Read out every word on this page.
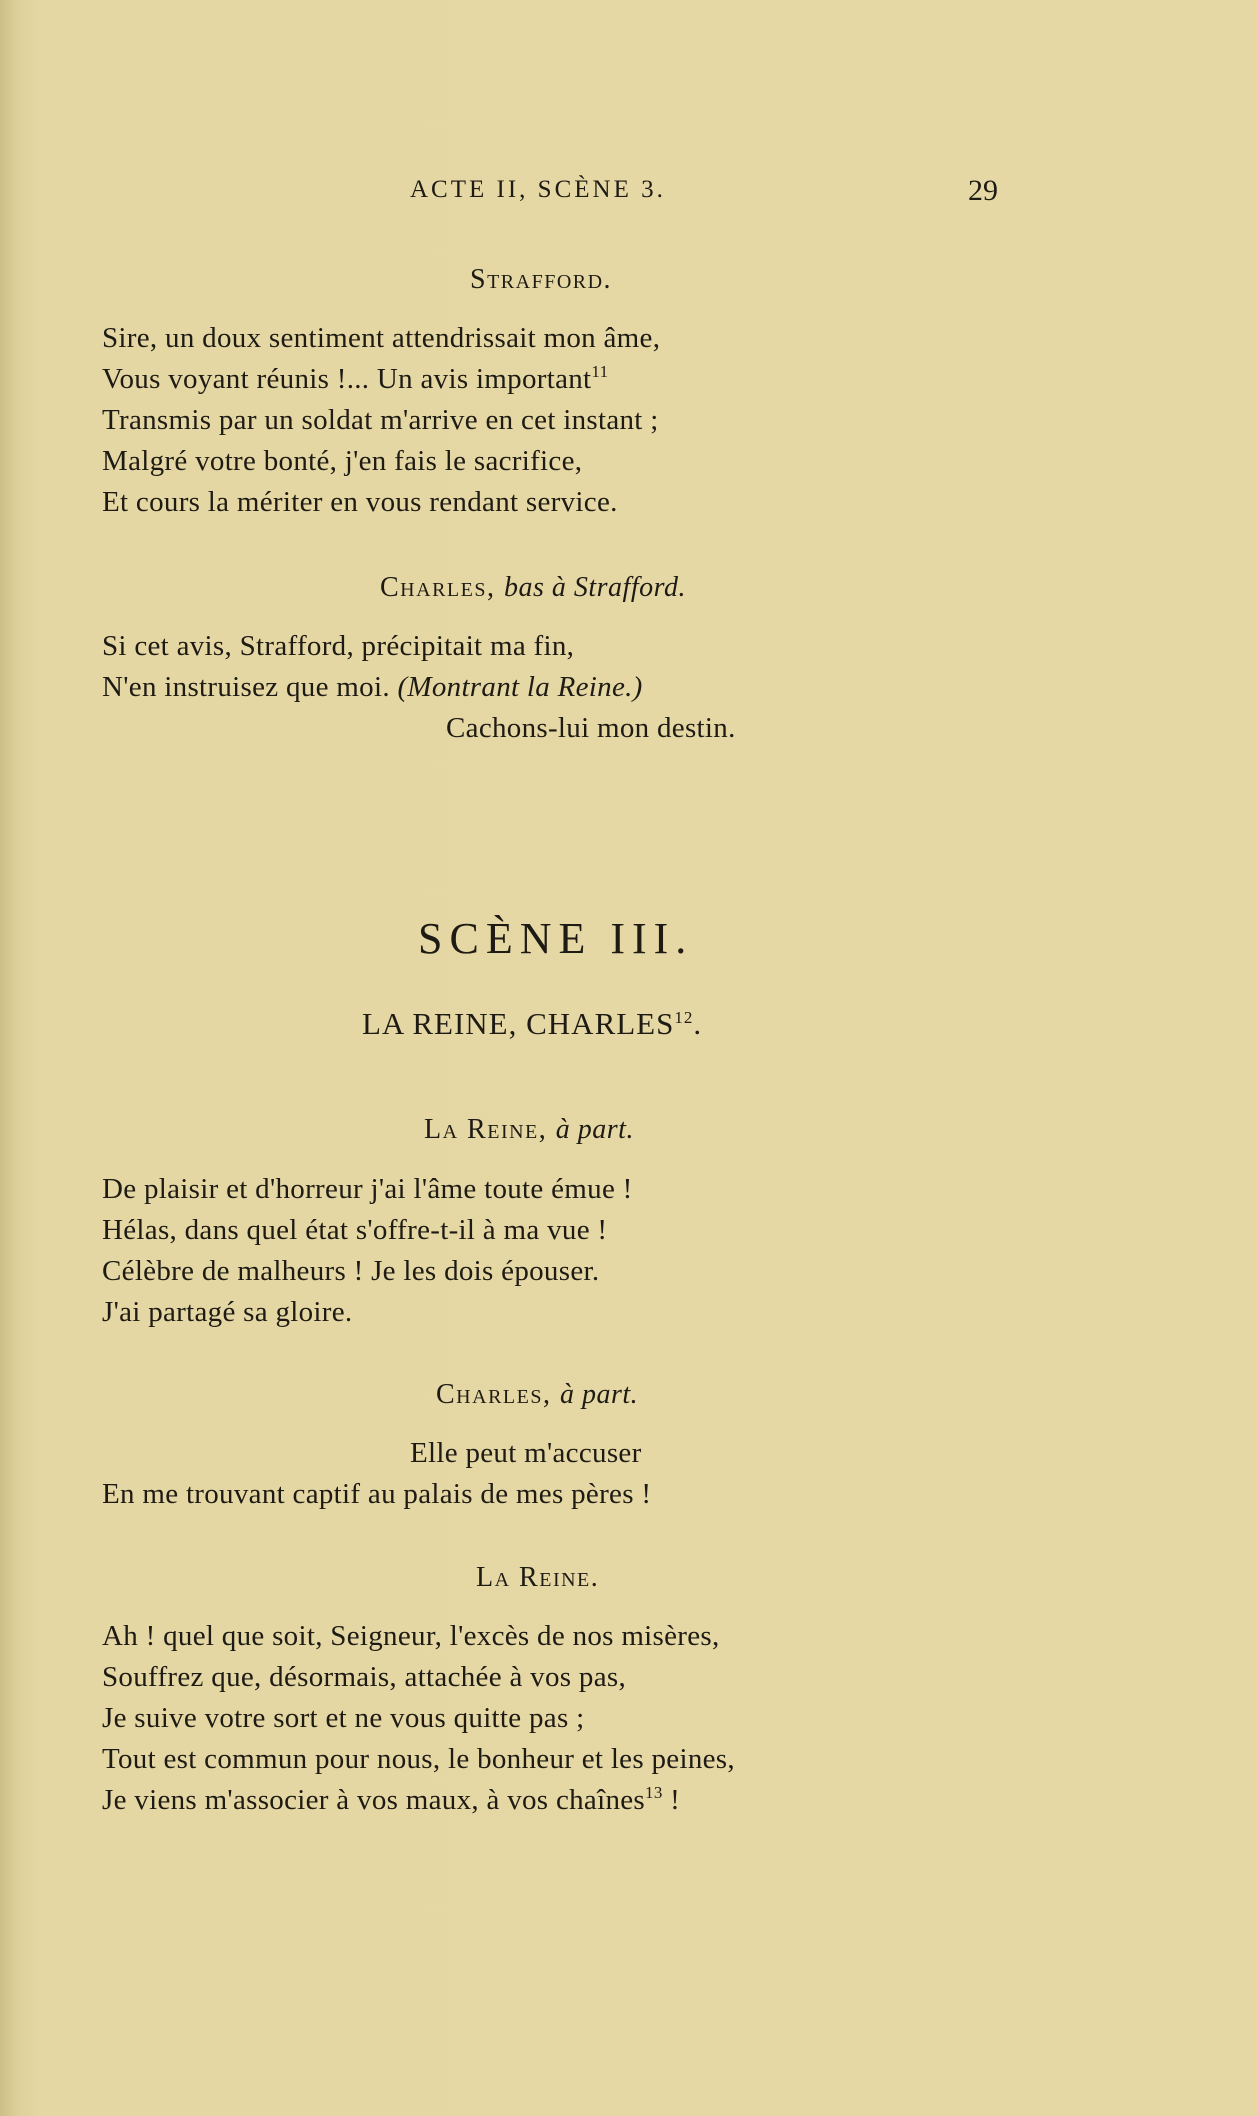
ACTE II, SCÈNE 3.	29
Strafford.
Sire, un doux sentiment attendrissait mon âme,
Vous voyant réunis !... Un avis important$^{11}$
Transmis par un soldat m'arrive en cet instant ;
Malgré votre bonté, j'en fais le sacrifice,
Et cours la mériter en vous rendant service.
Charles, bas à Strafford.
Si cet avis, Strafford, précipitait ma fin,
N'en instruisez que moi. (Montrant la Reine.)
Cachons-lui mon destin.
SCÈNE III.
LA REINE, CHARLES$^{12}$.
La Reine, à part.
De plaisir et d'horreur j'ai l'âme toute émue !
Hélas, dans quel état s'offre-t-il à ma vue !
Célèbre de malheurs ! Je les dois épouser.
J'ai partagé sa gloire.
Charles, à part.
Elle peut m'accuser
En me trouvant captif au palais de mes pères !
La Reine.
Ah ! quel que soit, Seigneur, l'excès de nos misères,
Souffrez que, désormais, attachée à vos pas,
Je suive votre sort et ne vous quitte pas ;
Tout est commun pour nous, le bonheur et les peines,
Je viens m'associer à vos maux, à vos chaînes$^{13}$ !
